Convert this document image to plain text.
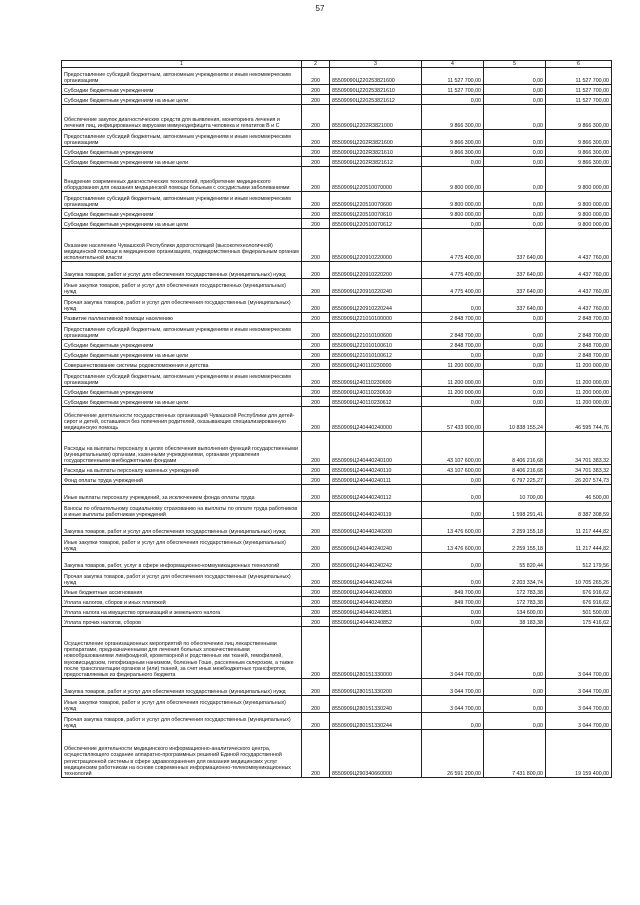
57
1	2	3	4	5	6
Предоставление субсидий бюджетным, автономным учреждениям и иным некоммерческим организациям	200	85509090Ц220253821600	11 527 700,00	0,00	11 527 700,00
Субсидии бюджетным учреждениям	200	85509090Ц220253821610	11 527 700,00	0,00	11 527 700,00
Субсидии бюджетным учреждениям на иные цели	200	85509090Ц220253821612	0,00	0,00	11 527 700,00
Обеспечение закупок диагностических средств для выявления, мониторинга лечения и лечения лиц, инфицированных вирусами иммунодефицита человека и гепатитов В и С	200	8550909Ц2202R3821000	9 866 300,00	0,00	9 866 300,00
Предоставление субсидий бюджетным, автономным учреждениям и иным некоммерческим организациям	200	8550909Ц2202R3821600	9 866 300,00	0,00	9 866 300,00
Субсидии бюджетным учреждениям	200	8550909Ц2202R3821610	9 866 300,00	0,00	9 866 300,00
Субсидии бюджетным учреждениям на иные цели	200	8550909Ц2202R3821612	0,00	0,00	9 866 300,00
Внедрение современных диагностических технологий, приобретение медицинского оборудования для оказания медицинской помощи больным с сосудистыми заболеваниями	200	8550909Ц220510070000	9 800 000,00	0,00	9 800 000,00
Предоставление субсидий бюджетным, автономным учреждениям и иным некоммерческим организациям	200	8550909Ц220510070600	9 800 000,00	0,00	9 800 000,00
Субсидии бюджетным учреждениям	200	8550909Ц220510070610	9 800 000,00	0,00	9 800 000,00
Субсидии бюджетным учреждениям на иные цели	200	8550909Ц220510070612	0,00	0,00	9 800 000,00
Оказание населению Чувашской Республики дорогостоящей (высокотехнологичной) медицинской помощи в медицинских организациях, подведомственных федеральным органам исполнительной власти	200	8550909Ц220910220000	4 775 400,00	337 640,00	4 437 760,00
Закупка товаров, работ и услуг для обеспечения государственных (муниципальных) нужд	200	8550909Ц220910220200	4 775 400,00	337 640,00	4 437 760,00
Иные закупки товаров, работ и услуг для обеспечения государственных (муниципальных) нужд	200	8550909Ц220910220240	4 775 400,00	337 640,00	4 437 760,00
Прочая закупка товаров, работ и услуг для обеспечения государственных (муниципальных) нужд	200	8550909Ц220910220244	0,00	337 640,00	4 437 760,00
Развитие паллиативной помощи населению	200	8550909Ц221010100000	2 848 700,00	0,00	2 848 700,00
Предоставление субсидий бюджетным, автономным учреждениям и иным некоммерческим организациям	200	8550909Ц221010100600	2 848 700,00	0,00	2 848 700,00
Субсидии бюджетным учреждениям	200	8550909Ц221010100610	2 848 700,00	0,00	2 848 700,00
Субсидии бюджетным учреждениям на иные цели	200	8550909Ц221010100612	0,00	0,00	2 848 700,00
Совершенствование системы родовспоможения и детства	200	8550909Ц240110230000	11 200 000,00	0,00	11 200 000,00
Предоставление субсидий бюджетным, автономным учреждениям и иным некоммерческим организациям	200	8550909Ц240110230600	11 200 000,00	0,00	11 200 000,00
Субсидии бюджетным учреждениям	200	8550909Ц240110230610	11 200 000,00	0,00	11 200 000,00
Субсидии бюджетным учреждениям на иные цели	200	8550909Ц240110230612	0,00	0,00	11 200 000,00
Обеспечение деятельности государственных организаций Чувашской Республики для детей-сирот и детей, оставшихся без попечения родителей, оказывающих специализированную медицинскую помощь	200	8550909Ц240440240000	57 433 900,00	10 838 155,24	46 595 744,76
Расходы на выплаты персоналу в целях обеспечения выполнения функций государственными (муниципальными) органами, казенными учреждениями, органами управления государственными внебюджетными фондами	200	8550909Ц240440240100	43 107 600,00	8 406 216,68	34 701 383,32
Расходы на выплаты персоналу казенных учреждений	200	8550909Ц240440240110	43 107 600,00	8 406 216,68	34 701 383,32
Фонд оплаты труда учреждений	200	8550909Ц240440240111	0,00	6 797 225,27	26 207 574,73
Иные выплаты персоналу учреждений, за исключением фонда оплаты труда	200	8550909Ц240440240112	0,00	10 700,00	46 500,00
Взносы по обязательному социальному страхованию на выплаты по оплате труда работников и иные выплаты работникам учреждений	200	8550909Ц240440240119	0,00	1 598 291,41	8 387 308,59
Закупка товаров, работ и услуг для обеспечения государственных (муниципальных) нужд	200	8550909Ц240440240200	13 476 600,00	2 259 155,18	11 217 444,82
Иные закупки товаров, работ и услуг для обеспечения государственных (муниципальных) нужд	200	8550909Ц240440240240	13 476 600,00	2 259 155,18	11 217 444,82
Закупка товаров, работ, услуг в сфере информационно-коммуникационных технологий	200	8550909Ц240440240242	0,00	55 820,44	512 179,56
Прочая закупка товаров, работ и услуг для обеспечения государственных (муниципальных) нужд	200	8550909Ц240440240244	0,00	2 203 334,74	10 705 265,26
Иные бюджетные ассигнования	200	8550909Ц240440240800	849 700,00	172 783,38	676 916,62
Уплата налогов, сборов и иных платежей	200	8550909Ц240440240850	849 700,00	172 783,38	676 916,62
Уплата налога на имущество организаций и земельного налога	200	8550909Ц240440240851	0,00	134 600,00	501 500,00
Уплата прочих налогов, сборов	200	8550909Ц240440240852	0,00	38 183,38	175 416,62
Осуществление организационных мероприятий по обеспечению лиц лекарственными препаратами, предназначенными для лечения больных злокачественными новообразованиями лимфоидной, кроветворной и родственных им тканей, гемофилией, муковисцидозом, гипофизарным нанизмом, болезнью Гоше, рассеянным склерозом, а также после трансплантации органов и (или) тканей, за счет иных межбюджетных трансфертов, предоставляемых из федерального бюджета	200	8550909Ц280151330000	3 044 700,00	0,00	3 044 700,00
Закупка товаров, работ и услуг для обеспечения государственных (муниципальных) нужд	200	8550909Ц280151330200	3 044 700,00	0,00	3 044 700,00
Иные закупки товаров, работ и услуг для обеспечения государственных (муниципальных) нужд	200	8550909Ц280151330240	3 044 700,00	0,00	3 044 700,00
Прочая закупка товаров, работ и услуг для обеспечения государственных (муниципальных) нужд	200	8550909Ц280151330244	0,00	0,00	3 044 700,00
Обеспечение деятельности медицинского информационно-аналитического центра, осуществляющего создание аппаратно-программных решений Единой государственной регистрационной системы в сфере здравоохранения для оказания медицинских услуг медицинским работникам на основе современных информационно-телекоммуникационных технологий	200	8550909Ц290340660000	26 591 200,00	7 431 800,00	19 159 400,00
